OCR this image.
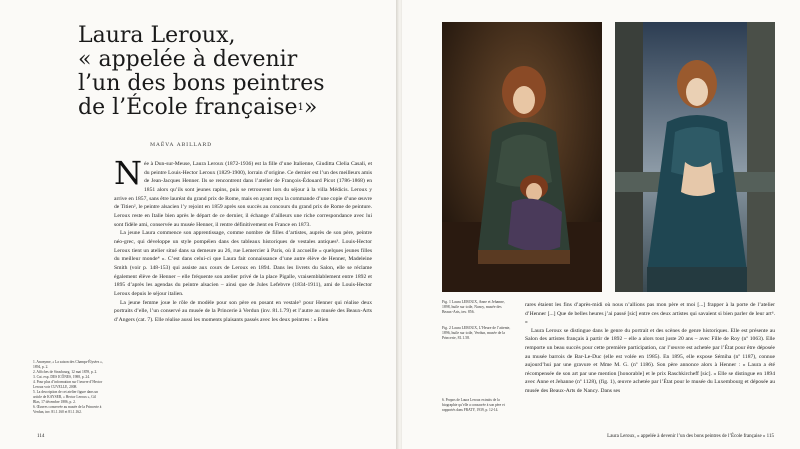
Laura Leroux,
« appelée à devenir
l’un des bons peintres
de l’École française$^1$»
MAËVA ABILLARD
N ée à Dun-sur-Meuse, Laura Leroux (1872-1936) est la fille d’une Italienne, Giuditta Clelia Casali, et du peintre Louis-Hector Leroux (1829-1900), lorrain d’origine. Ce dernier est l’un des meilleurs amis de Jean-Jacques Henner. Ils se rencontrent dans l’atelier de François-Édouard Picot (1786-1868) en 1851 alors qu’ils sont jeunes rapins, puis se retrouvent lors du séjour à la villa Médicis. Leroux y arrive en 1857, sans être lauréat du grand prix de Rome, mais en ayant reçu la commande d’une copie d’une œuvre de Titien², le peintre alsacien l’y rejoint en 1859 après son succès au concours du grand prix de Rome de peinture. Leroux reste en Italie bien après le départ de ce dernier, il échange d’ailleurs une riche correspondance avec lui sont fidèle ami, conservée au musée Henner, il rentre définitivement en France en 1873.

La jeune Laura commence son apprentissage, comme nombre de filles d’artistes, auprès de son père, peintre néo-grec, qui développe un style pompéien dans des tableaux historiques de vestales antiques³. Louis-Hector Leroux tient un atelier situé dans sa demeure au 26, rue Lemercier à Paris, où il accueille « quelques jeunes filles du meilleur monde⁴ ». C’est dans celui-ci que Laura fait connaissance d’une autre élève de Henner, Madeleine Smith (voir p. 148-153) qui assiste aux cours de Leroux en 1894. Dans les livrets du Salon, elle se réclame également élève de Henner – elle fréquente son atelier privé de la place Pigalle, vraisemblablement entre 1892 et 1895 d’après les agendas du peintre alsacien – ainsi que de Jules Lefebvre (1834-1911), ami de Louis-Hector Leroux depuis le séjour italien.

La jeune femme joue le rôle de modèle pour son père en posant en vestale⁵ pour Henner qui réalise deux portraits d’elle, l’un conservé au musée de la Princerie à Verdun (inv. 81.1.79) et l’autre au musée des Beaux-Arts d’Angers (cat. 7). Elle réalise aussi les moments plaisants passés avec les deux peintres : « Bien

1. Anonyme, « La saison des Champs-Élysées », 1894, p. 2.
2. Affiches de Strasbourg, 12 mai 1859, p. 2.
3. Cat. exp. DES ICÔNES, 1988, p. 24.
4. Pour plus d’information sur l’œuvre d’Hector Leroux voir CUVELLE, 2008.
5. La description de cet atelier figure dans un article de KAYSER, « Hector Leroux », Gil Blas, 17 décembre 1886, p. 2.
6. Œuvres conservée au musée de la Princerie à Verdun, inv. 81.1.160 et 81.1.162.
114

Fig. 1 Laura LEROUX, Anne et Jehanne, 1898, huile sur toile, Nancy, musée des Beaux-Arts, inv. 856.

Fig. 2 Laura LEROUX, L’Heure de l’attente, 1896, huile sur toile, Verdun, musée de la Princerie, 81.1.58.

6. Propos de Laura Leroux extraits de la biographie qu’elle a consacrée à son père et rapportés dans FRATY, 1939, p. 12-14.

rares étaient les fins d’après-midi où nous n’allions pas mon père et moi [...] frapper à la porte de l’atelier d’Henner [...] Que de belles heures j’ai passé [sic] entre ces deux artistes qui savaient si bien parler de leur art⁶. »

Laura Leroux se distingue dans le genre du portrait et des scènes de genre historiques. Elle est présente au Salon des artistes français à partir de 1892 – elle a alors tout juste 20 ans – avec Fille de Roy (nº 1063). Elle remporte un beau succès pour cette première participation, car l’œuvre est achetée par l’État pour être déposée au musée barrois de Bar-Le-Duc (elle est volée en 1985). En 1895, elle expose Sémiha (nº 1187), connue aujourd’hui par une gravure et Mme M. G. (nº 1186). Son père annonce alors à Henner : « Laura a été récompensée de son art par une mention [honorable] et le prix Raschkircheff [sic]. » Elle se distingue en 1894 avec Anne et Jehanne (nº 1128), (fig. 1), œuvre achetée par l’État pour le musée du Luxembourg et déposée au musée des Beaux-Arts de Nancy. Dans ses

Laura Leroux, « appelée à devenir l’un des bons peintres de l’École française » 115
